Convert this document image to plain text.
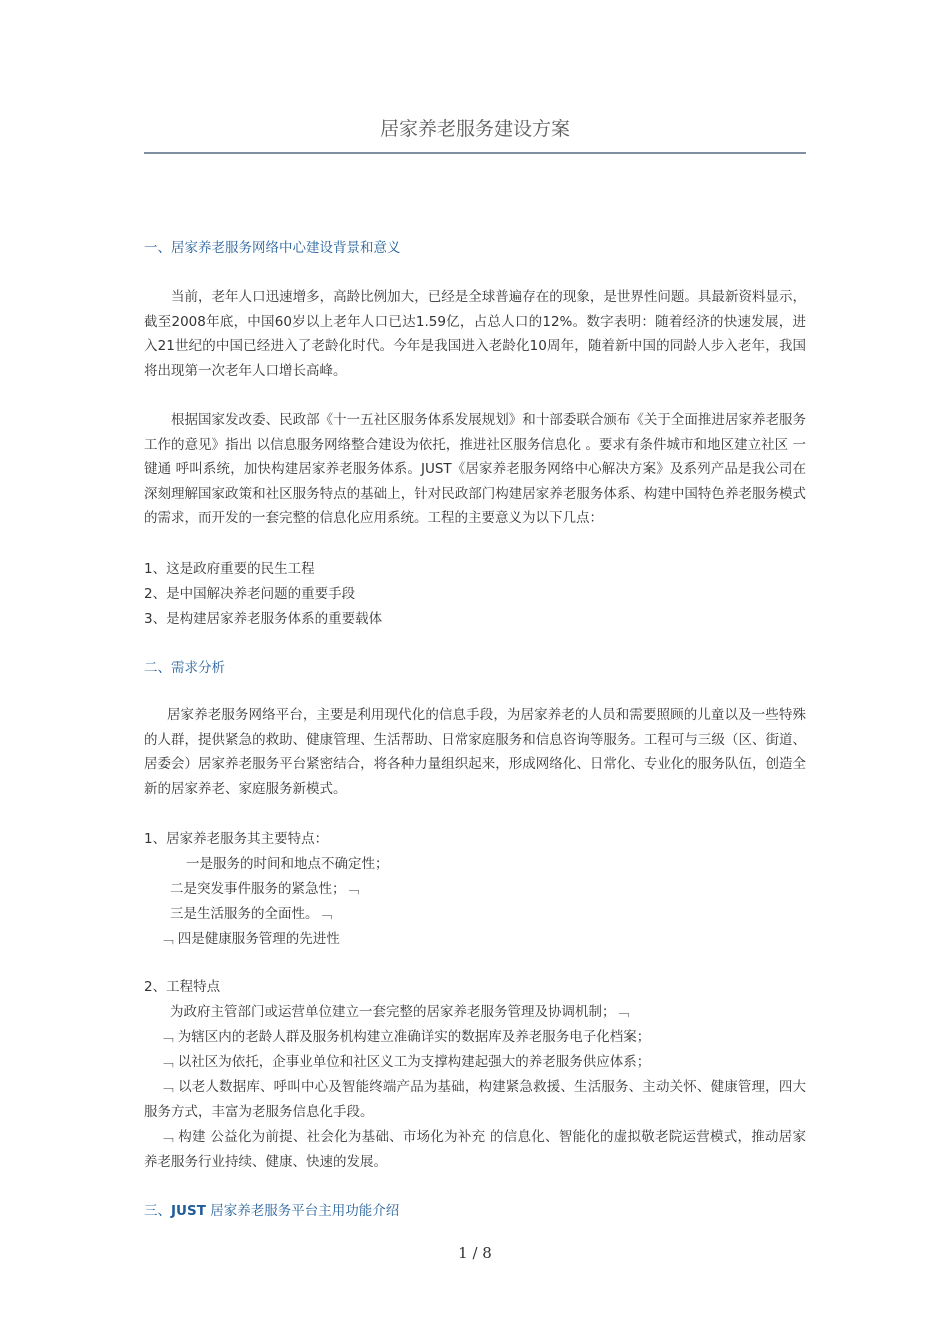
居家养老服务建设方案
一、居家养老服务网络中心建设背景和意义

当前，老年人口迅速增多，高龄比例加大，已经是全球普遍存在的现象，是世界性问题。具最新资料显示，截至2008年底，中国60岁以上老年人口已达1.59亿，占总人口的12%。数字表明：随着经济的快速发展，进入21世纪的中国已经进入了老龄化时代。今年是我国进入老龄化10周年，随着新中国的同龄人步入老年，我国将出现第一次老年人口增长高峰。

根据国家发改委、民政部《十一五社区服务体系发展规划》和十部委联合颁布《关于全面推进居家养老服务工作的意见》指出 以信息服务网络整合建设为依托，推进社区服务信息化 。要求有条件城市和地区建立社区 一键通 呼叫系统，加快构建居家养老服务体系。JUST《居家养老服务网络中心解决方案》及系列产品是我公司在深刻理解国家政策和社区服务特点的基础上，针对民政部门构建居家养老服务体系、构建中国特色养老服务模式的需求，而开发的一套完整的信息化应用系统。工程的主要意义为以下几点：

1、这是政府重要的民生工程
2、是中国解决养老问题的重要手段
3、是构建居家养老服务体系的重要载体
二、需求分析

居家养老服务网络平台，主要是利用现代化的信息手段，为居家养老的人员和需要照顾的儿童以及一些特殊的人群，提供紧急的救助、健康管理、生活帮助、日常家庭服务和信息咨询等服务。工程可与三级（区、街道、居委会）居家养老服务平台紧密结合，将各种力量组织起来，形成网络化、日常化、专业化的服务队伍，创造全新的居家养老、家庭服务新模式。

1、居家养老服务其主要特点：
一是服务的时间和地点不确定性；
二是突发事件服务的紧急性；﹁
三是生活服务的全面性。﹁
﹁ 四是健康服务管理的先进性
2、工程特点
为政府主管部门或运营单位建立一套完整的居家养老服务管理及协调机制；﹁
﹁ 为辖区内的老龄人群及服务机构建立准确详实的数据库及养老服务电子化档案；
﹁ 以社区为依托，企事业单位和社区义工为支撑构建起强大的养老服务供应体系；

﹁ 以老人数据库、呼叫中心及智能终端产品为基础，构建紧急救援、生活服务、主动关怀、健康管理，四大服务方式，丰富为老服务信息化手段。

﹁ 构建 公益化为前提、社会化为基础、市场化为补充 的信息化、智能化的虚拟敬老院运营模式，推动居家养老服务行业持续、健康、快速的发展。

三、JUST 居家养老服务平台主用功能介绍
1 / 8
